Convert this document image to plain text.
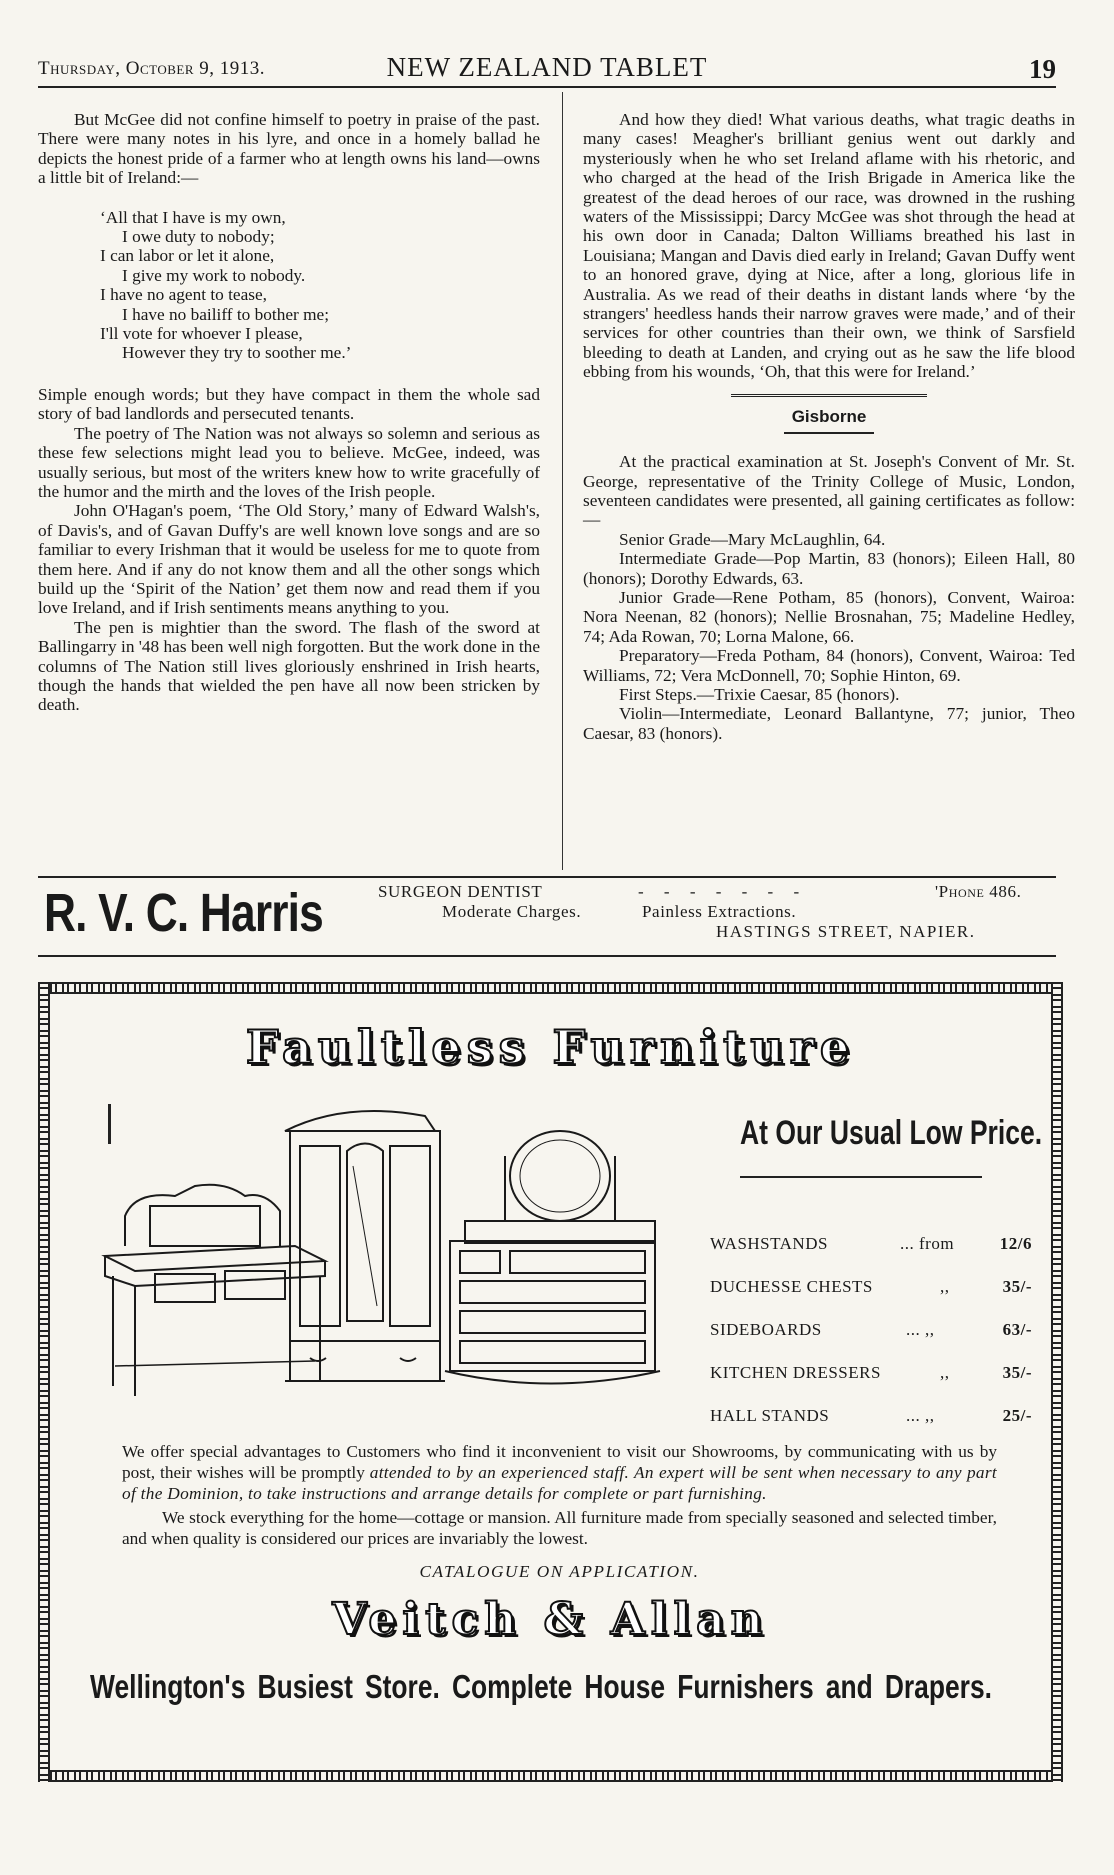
Thursday, October 9, 1913.	NEW ZEALAND TABLET	19

But McGee did not confine himself to poetry in praise of the past. There were many notes in his lyre, and once in a homely ballad he depicts the honest pride of a farmer who at length owns his land—owns a little bit of Ireland:—

‘All that I have is my own,
I owe duty to nobody;
I can labor or let it alone,
I give my work to nobody.
I have no agent to tease,
I have no bailiff to bother me;
I'll vote for whoever I please,
However they try to soother me.’

Simple enough words; but they have compact in them the whole sad story of bad landlords and persecuted tenants.

The poetry of The Nation was not always so solemn and serious as these few selections might lead you to believe. McGee, indeed, was usually serious, but most of the writers knew how to write gracefully of the humor and the mirth and the loves of the Irish people.

John O'Hagan's poem, ‘The Old Story,’ many of Edward Walsh's, of Davis's, and of Gavan Duffy's are well known love songs and are so familiar to every Irishman that it would be useless for me to quote from them here. And if any do not know them and all the other songs which build up the ‘Spirit of the Nation’ get them now and read them if you love Ireland, and if Irish sentiments means anything to you.

The pen is mightier than the sword. The flash of the sword at Ballingarry in '48 has been well nigh forgotten. But the work done in the columns of The Nation still lives gloriously enshrined in Irish hearts, though the hands that wielded the pen have all now been stricken by death.

And how they died! What various deaths, what tragic deaths in many cases! Meagher's brilliant genius went out darkly and mysteriously when he who set Ireland aflame with his rhetoric, and who charged at the head of the Irish Brigade in America like the greatest of the dead heroes of our race, was drowned in the rushing waters of the Mississippi; Darcy McGee was shot through the head at his own door in Canada; Dalton Williams breathed his last in Louisiana; Mangan and Davis died early in Ireland; Gavan Duffy went to an honored grave, dying at Nice, after a long, glorious life in Australia. As we read of their deaths in distant lands where ‘by the strangers' heedless hands their narrow graves were made,’ and of their services for other countries than their own, we think of Sarsfield bleeding to death at Landen, and crying out as he saw the life blood ebbing from his wounds, ‘Oh, that this were for Ireland.’

Gisborne

At the practical examination at St. Joseph's Convent of Mr. St. George, representative of the Trinity College of Music, London, seventeen candidates were presented, all gaining certificates as follow:—

Senior Grade—Mary McLaughlin, 64.

Intermediate Grade—Pop Martin, 83 (honors); Eileen Hall, 80 (honors); Dorothy Edwards, 63.

Junior Grade—Rene Potham, 85 (honors), Convent, Wairoa: Nora Neenan, 82 (honors); Nellie Brosnahan, 75; Madeline Hedley, 74; Ada Rowan, 70; Lorna Malone, 66.

Preparatory—Freda Potham, 84 (honors), Convent, Wairoa: Ted Williams, 72; Vera McDonnell, 70; Sophie Hinton, 69.

First Steps.—Trixie Caesar, 85 (honors).

Violin—Intermediate, Leonard Ballantyne, 77; junior, Theo Caesar, 83 (honors).

R. V. C. Harris	SURGEON DENTIST	- - - - - - -	'Phone 486.
Moderate Charges.	Painless Extractions.
HASTINGS STREET, NAPIER.
Faultless Furniture
At Our Usual Low Price.
WASHSTANDS	... from	12/6
DUCHESSE CHESTS	,,	35/-
SIDEBOARDS	... ,,	63/-
KITCHEN DRESSERS	,,	35/-
HALL STANDS	... ,,	25/-

We offer special advantages to Customers who find it inconvenient to visit our Showrooms, by communicating with us by post, their wishes will be promptly attended to by an experienced staff. An expert will be sent when necessary to any part of the Dominion, to take instructions and arrange details for complete or part furnishing.

We stock everything for the home—cottage or mansion. All furniture made from specially seasoned and selected timber, and when quality is considered our prices are invariably the lowest.

CATALOGUE ON APPLICATION.

Veitch & Allan
Wellington's Busiest Store. Complete House Furnishers and Drapers.
